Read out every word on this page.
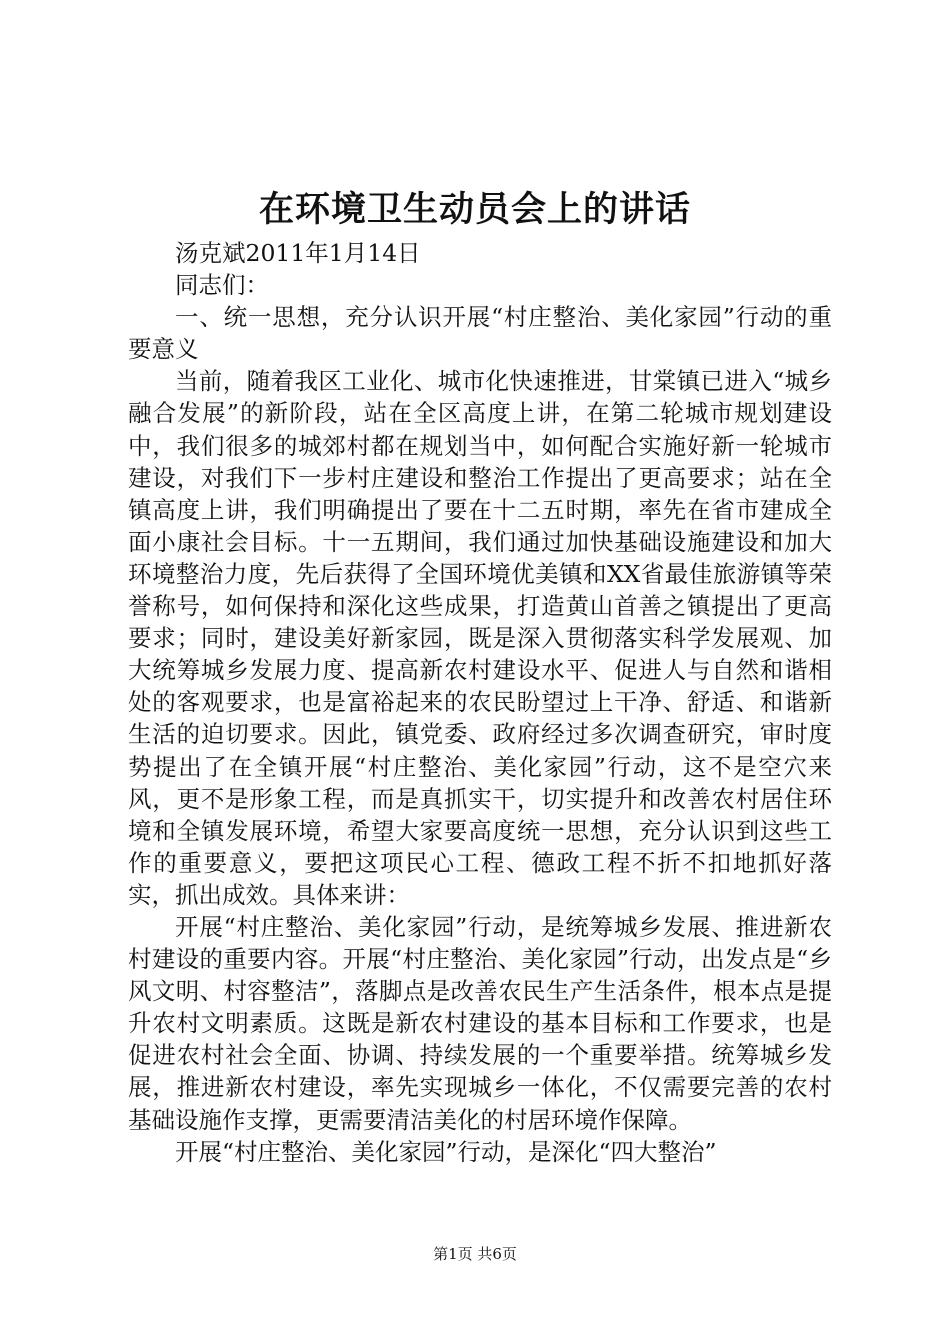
在环境卫生动员会上的讲话

汤克斌2011年1月14日

同志们：

一、统一思想，充分认识开展“村庄整治、美化家园”行动的重要意义

当前，随着我区工业化、城市化快速推进，甘棠镇已进入“城乡融合发展”的新阶段，站在全区高度上讲，在第二轮城市规划建设中，我们很多的城郊村都在规划当中，如何配合实施好新一轮城市建设，对我们下一步村庄建设和整治工作提出了更高要求；站在全镇高度上讲，我们明确提出了要在十二五时期，率先在省市建成全面小康社会目标。十一五期间，我们通过加快基础设施建设和加大环境整治力度，先后获得了全国环境优美镇和XX省最佳旅游镇等荣誉称号，如何保持和深化这些成果，打造黄山首善之镇提出了更高要求；同时，建设美好新家园，既是深入贯彻落实科学发展观、加大统筹城乡发展力度、提高新农村建设水平、促进人与自然和谐相处的客观要求，也是富裕起来的农民盼望过上干净、舒适、和谐新生活的迫切要求。因此，镇党委、政府经过多次调查研究，审时度势提出了在全镇开展“村庄整治、美化家园”行动，这不是空穴来风，更不是形象工程，而是真抓实干，切实提升和改善农村居住环境和全镇发展环境，希望大家要高度统一思想，充分认识到这些工作的重要意义，要把这项民心工程、德政工程不折不扣地抓好落实，抓出成效。具体来讲：

开展“村庄整治、美化家园”行动，是统筹城乡发展、推进新农村建设的重要内容。开展“村庄整治、美化家园”行动，出发点是“乡风文明、村容整洁”，落脚点是改善农民生产生活条件，根本点是提升农村文明素质。这既是新农村建设的基本目标和工作要求，也是促进农村社会全面、协调、持续发展的一个重要举措。统筹城乡发展，推进新农村建设，率先实现城乡一体化，不仅需要完善的农村基础设施作支撑，更需要清洁美化的村居环境作保障。

开展“村庄整治、美化家园”行动，是深化“四大整治”

第1页 共6页
